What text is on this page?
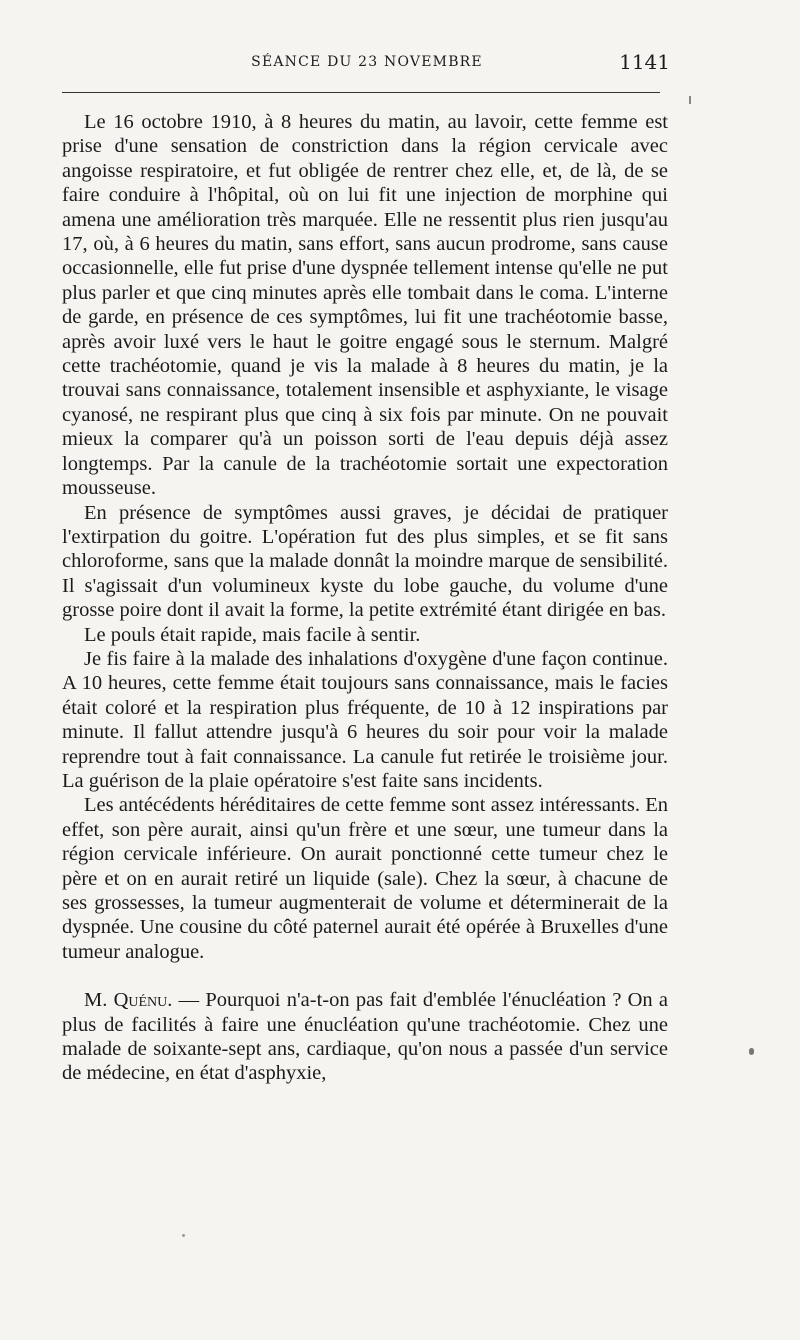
SÉANCE DU 23 NOVEMBRE	1141

Le 16 octobre 1910, à 8 heures du matin, au lavoir, cette femme est prise d'une sensation de constriction dans la région cervicale avec angoisse respiratoire, et fut obligée de rentrer chez elle, et, de là, de se faire conduire à l'hôpital, où on lui fit une injection de morphine qui amena une amélioration très marquée. Elle ne ressentit plus rien jusqu'au 17, où, à 6 heures du matin, sans effort, sans aucun prodrome, sans cause occasionnelle, elle fut prise d'une dyspnée tellement intense qu'elle ne put plus parler et que cinq minutes après elle tombait dans le coma. L'interne de garde, en présence de ces symptômes, lui fit une trachéotomie basse, après avoir luxé vers le haut le goitre engagé sous le sternum. Malgré cette trachéotomie, quand je vis la malade à 8 heures du matin, je la trouvai sans connaissance, totalement insensible et asphyxiante, le visage cyanosé, ne respirant plus que cinq à six fois par minute. On ne pouvait mieux la comparer qu'à un poisson sorti de l'eau depuis déjà assez longtemps. Par la canule de la trachéotomie sortait une expectoration mousseuse.

En présence de symptômes aussi graves, je décidai de pratiquer l'extirpation du goitre. L'opération fut des plus simples, et se fit sans chloroforme, sans que la malade donnât la moindre marque de sensibilité. Il s'agissait d'un volumineux kyste du lobe gauche, du volume d'une grosse poire dont il avait la forme, la petite extrémité étant dirigée en bas.

Le pouls était rapide, mais facile à sentir.

Je fis faire à la malade des inhalations d'oxygène d'une façon continue. A 10 heures, cette femme était toujours sans connaissance, mais le facies était coloré et la respiration plus fréquente, de 10 à 12 inspirations par minute. Il fallut attendre jusqu'à 6 heures du soir pour voir la malade reprendre tout à fait connaissance. La canule fut retirée le troisième jour. La guérison de la plaie opératoire s'est faite sans incidents.

Les antécédents héréditaires de cette femme sont assez intéressants. En effet, son père aurait, ainsi qu'un frère et une sœur, une tumeur dans la région cervicale inférieure. On aurait ponctionné cette tumeur chez le père et on en aurait retiré un liquide (sale). Chez la sœur, à chacune de ses grossesses, la tumeur augmenterait de volume et déterminerait de la dyspnée. Une cousine du côté paternel aurait été opérée à Bruxelles d'une tumeur analogue.

M. Quénu. — Pourquoi n'a-t-on pas fait d'emblée l'énucléation ? On a plus de facilités à faire une énucléation qu'une trachéotomie. Chez une malade de soixante-sept ans, cardiaque, qu'on nous a passée d'un service de médecine, en état d'asphyxie,
